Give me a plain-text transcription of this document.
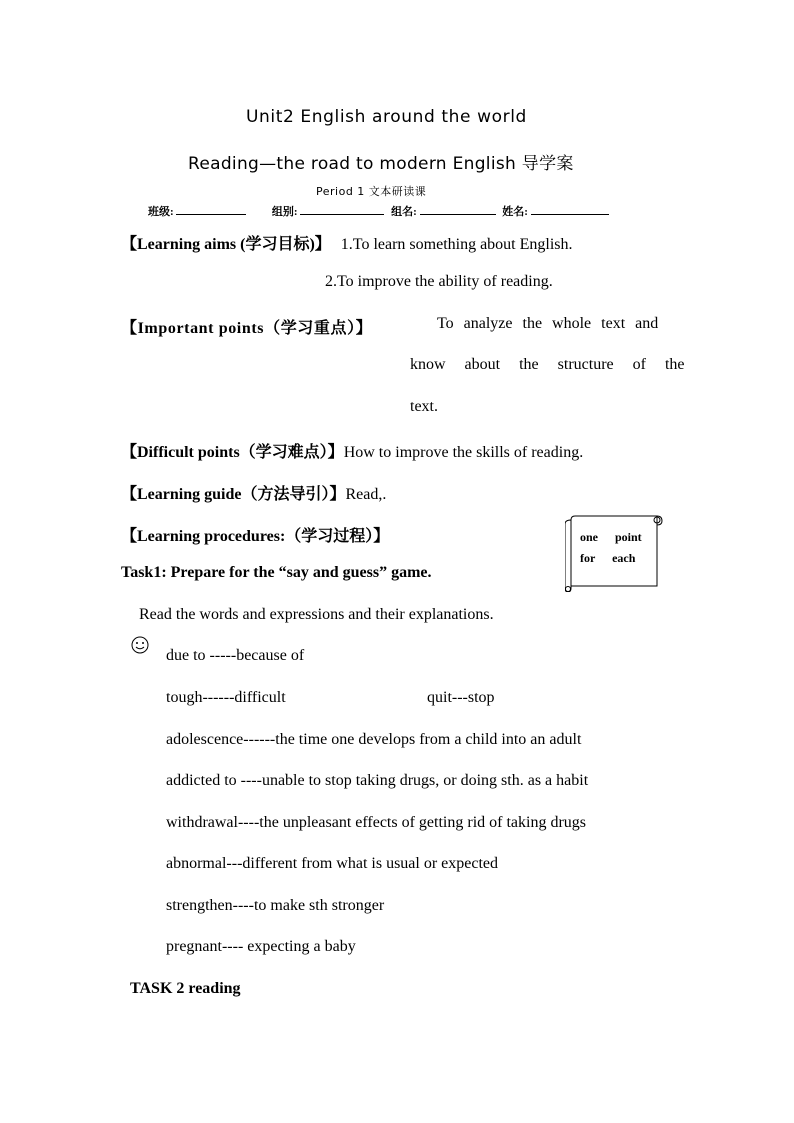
Unit2 English around the world
Reading—the road to modern English 导学案
Period 1 文本研读课
班级:	组别:	组名:	姓名:
【Learning aims (学习目标)】 1.To learn something about English.
2.To improve the ability of reading.
【Important points（学习重点）】	To analyze the whole text and
know about the structure of the
text.
【Difficult points（学习难点）】How to improve the skills of reading.
【Learning guide（方法导引）】Read,.
【Learning procedures:（学习过程）】	one point for each
Task1: Prepare for the “say and guess” game.
Read the words and expressions and their explanations.
due to -----because of
tough------difficult	quit---stop
adolescence------the time one develops from a child into an adult
addicted to ----unable to stop taking drugs, or doing sth. as a habit
withdrawal----the unpleasant effects of getting rid of taking drugs
abnormal---different from what is usual or expected
strengthen----to make sth stronger
pregnant---- expecting a baby
TASK 2 reading
